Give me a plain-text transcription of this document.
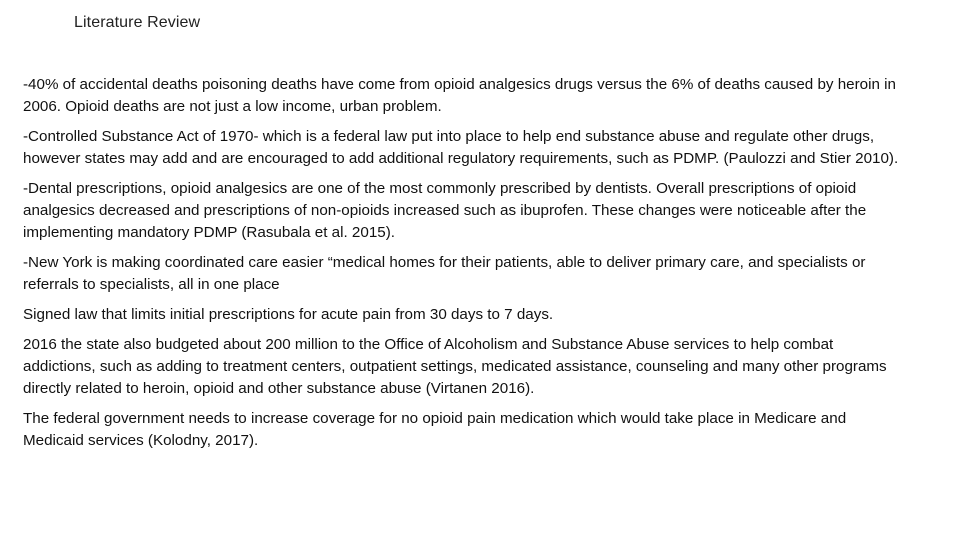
Literature Review

-40% of accidental deaths poisoning deaths have come from opioid analgesics drugs versus the 6% of deaths caused by heroin in 2006. Opioid deaths are not just a low income, urban problem.

-Controlled Substance Act of 1970- which is a federal law put into place to help end substance abuse and regulate other drugs, however states may add and are encouraged to add additional regulatory requirements, such as PDMP. (Paulozzi and Stier 2010).

-Dental prescriptions, opioid analgesics are one of the most commonly prescribed by dentists. Overall prescriptions of opioid analgesics decreased and prescriptions of non-opioids increased such as ibuprofen. These changes were noticeable after the implementing mandatory PDMP (Rasubala et al. 2015).

-New York is making coordinated care easier “medical homes for their patients, able to deliver primary care, and specialists or referrals to specialists, all in one place

Signed law that limits initial prescriptions for acute pain from 30 days to 7 days.

2016 the state also budgeted about 200 million to the Office of Alcoholism and Substance Abuse services to help combat addictions, such as adding to treatment centers, outpatient settings, medicated assistance, counseling and many other programs directly related to heroin, opioid and other substance abuse (Virtanen 2016).

The federal government needs to increase coverage for no opioid pain medication which would take place in Medicare and Medicaid services (Kolodny, 2017).
